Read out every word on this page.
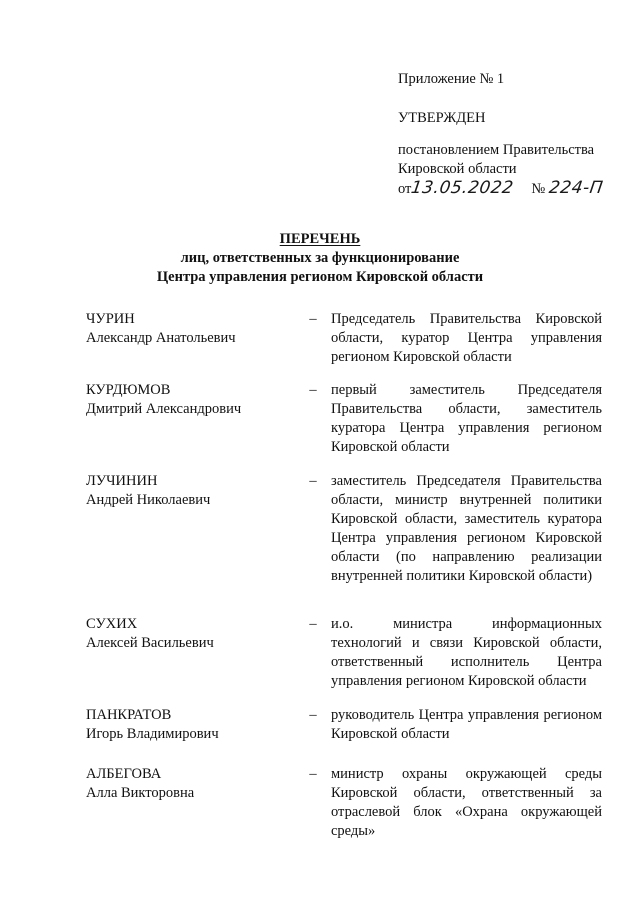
Приложение № 1
УТВЕРЖДЕН
постановлением Правительства
Кировской области
от13.05.2022 № 224-П
ПЕРЕЧЕНЬ
лиц, ответственных за функционирование
Центра управления регионом Кировской области
ЧУРИН
Александр Анатольевич
– Председатель Правительства Кировской области, куратор Центра управления регионом Кировской области
КУРДЮМОВ
Дмитрий Александрович
– первый заместитель Председателя Правительства области, заместитель куратора Центра управления регионом Кировской области
ЛУЧИНИН
Андрей Николаевич
– заместитель Председателя Правительства области, министр внутренней политики Кировской области, заместитель куратора Центра управления регионом Кировской области (по направлению реализации внутренней политики Кировской области)
СУХИХ
Алексей Васильевич
– и.о. министра информационных технологий и связи Кировской области, ответственный исполнитель Центра управления регионом Кировской области
ПАНКРАТОВ
Игорь Владимирович
– руководитель Центра управления регионом Кировской области
АЛБЕГОВА
Алла Викторовна
– министр охраны окружающей среды Кировской области, ответственный за отраслевой блок «Охрана окружающей среды»
